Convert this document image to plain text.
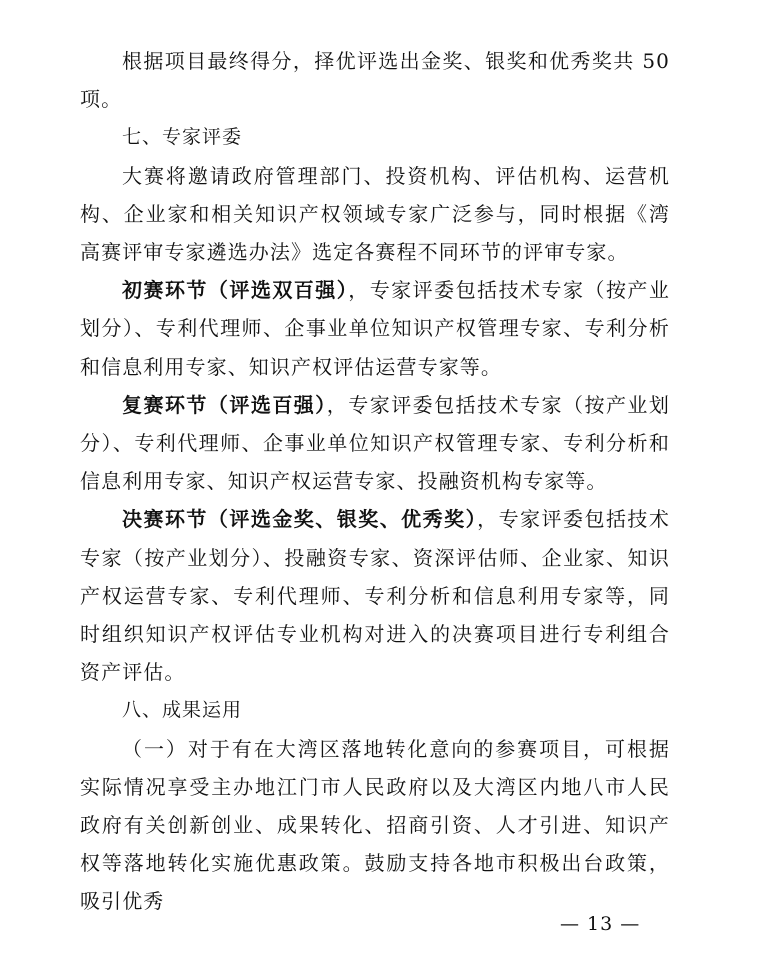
根据项目最终得分，择优评选出金奖、银奖和优秀奖共 50 项。

七、专家评委

大赛将邀请政府管理部门、投资机构、评估机构、运营机构、企业家和相关知识产权领域专家广泛参与，同时根据《湾高赛评审专家遴选办法》选定各赛程不同环节的评审专家。

初赛环节（评选双百强），专家评委包括技术专家（按产业划分）、专利代理师、企事业单位知识产权管理专家、专利分析和信息利用专家、知识产权评估运营专家等。

复赛环节（评选百强），专家评委包括技术专家（按产业划分）、专利代理师、企事业单位知识产权管理专家、专利分析和信息利用专家、知识产权运营专家、投融资机构专家等。

决赛环节（评选金奖、银奖、优秀奖），专家评委包括技术专家（按产业划分）、投融资专家、资深评估师、企业家、知识产权运营专家、专利代理师、专利分析和信息利用专家等，同时组织知识产权评估专业机构对进入的决赛项目进行专利组合资产评估。

八、成果运用

（一）对于有在大湾区落地转化意向的参赛项目，可根据实际情况享受主办地江门市人民政府以及大湾区内地八市人民政府有关创新创业、成果转化、招商引资、人才引进、知识产权等落地转化实施优惠政策。鼓励支持各地市积极出台政策，吸引优秀

— 13 —
